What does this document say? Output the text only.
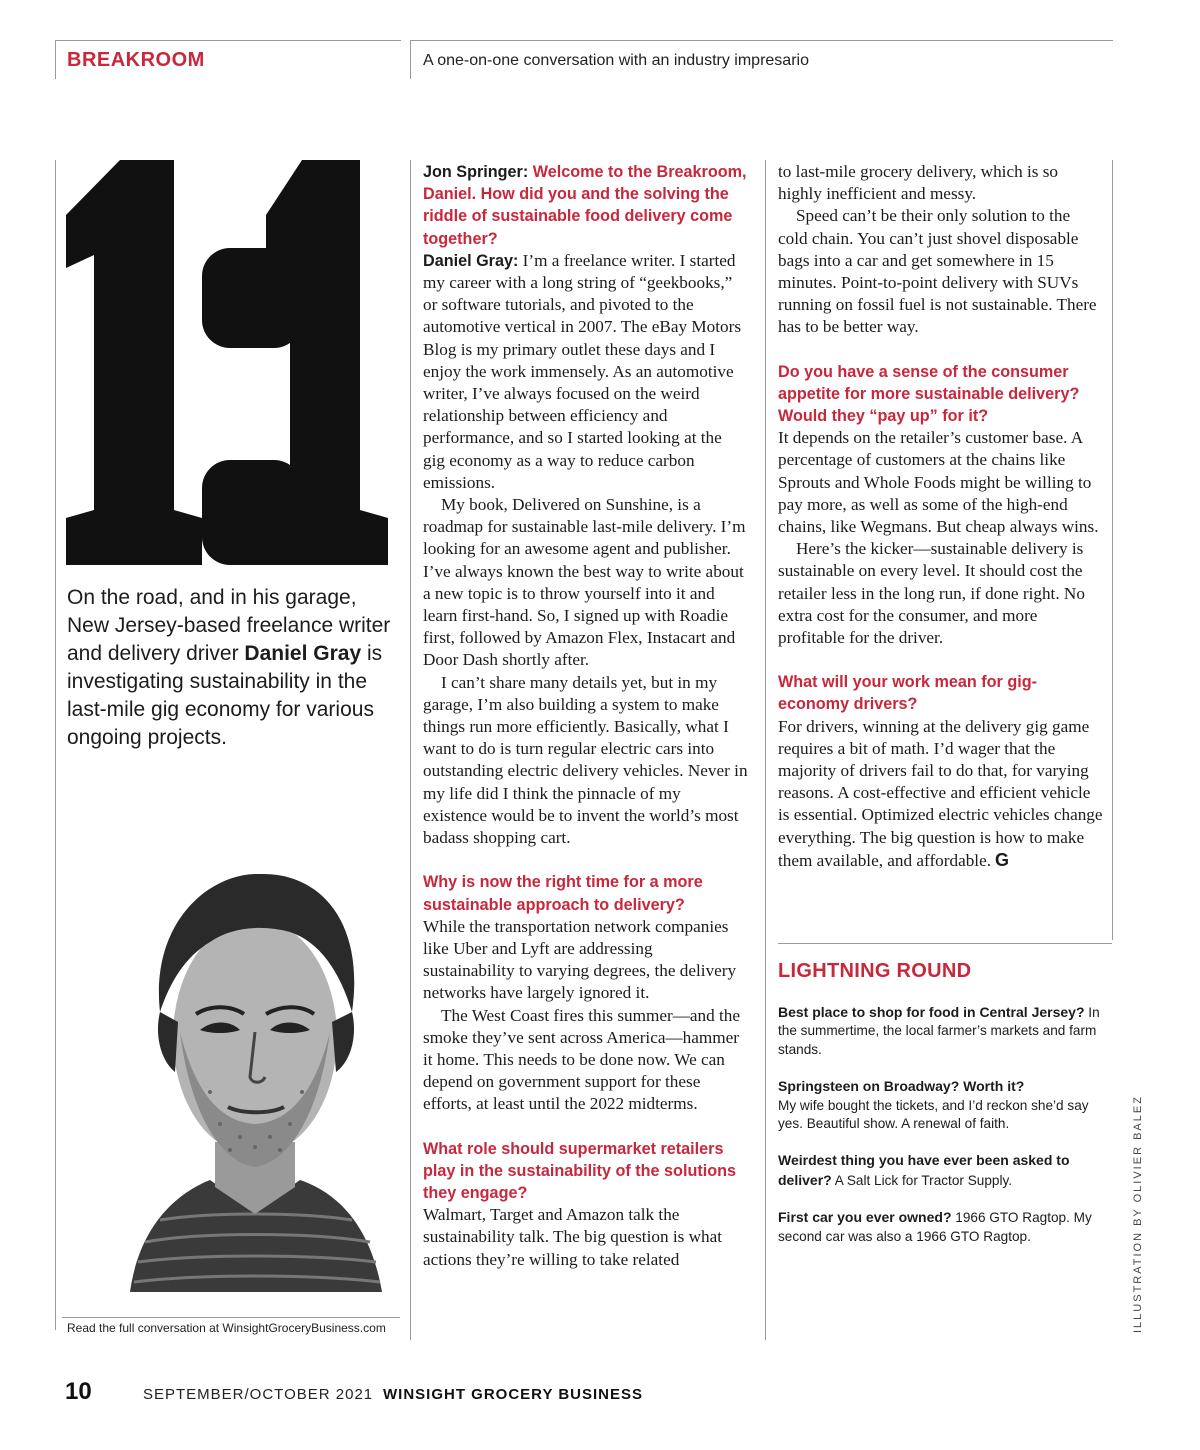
BREAKROOM	A one-on-one conversation with an industry impresario
On the road, and in his garage, New Jersey-based freelance writer and delivery driver Daniel Gray is investigating sustainability in the last-mile gig economy for various ongoing projects.
Read the full conversation at WinsightGroceryBusiness.com

Jon Springer: Welcome to the Breakroom, Daniel. How did you and the solving the riddle of sustainable food delivery come together?

Daniel Gray: I’m a freelance writer. I started my career with a long string of “geekbooks,” or software tutorials, and pivoted to the automotive vertical in 2007. The eBay Motors Blog is my primary outlet these days and I enjoy the work immensely. As an automotive writer, I’ve always focused on the weird relationship between efficiency and performance, and so I started looking at the gig economy as a way to reduce carbon emissions.

My book, Delivered on Sunshine, is a roadmap for sustainable last-mile delivery. I’m looking for an awesome agent and publisher. I’ve always known the best way to write about a new topic is to throw yourself into it and learn first-hand. So, I signed up with Roadie first, followed by Amazon Flex, Instacart and Door Dash shortly after.

I can’t share many details yet, but in my garage, I’m also building a system to make things run more efficiently. Basically, what I want to do is turn regular electric cars into outstanding electric delivery vehicles. Never in my life did I think the pinnacle of my existence would be to invent the world’s most badass shopping cart.

Why is now the right time for a more sustainable approach to delivery?

While the transportation network companies like Uber and Lyft are addressing sustainability to varying degrees, the delivery networks have largely ignored it.

The West Coast fires this summer—and the smoke they’ve sent across America—hammer it home. This needs to be done now. We can depend on government support for these efforts, at least until the 2022 midterms.

What role should supermarket retailers play in the sustainability of the solutions they engage?

Walmart, Target and Amazon talk the sustainability talk. The big question is what actions they’re willing to take related

to last-mile grocery delivery, which is so highly inefficient and messy.

Speed can’t be their only solution to the cold chain. You can’t just shovel disposable bags into a car and get somewhere in 15 minutes. Point-to-point delivery with SUVs running on fossil fuel is not sustainable. There has to be better way.

Do you have a sense of the consumer appetite for more sustainable delivery? Would they “pay up” for it?

It depends on the retailer’s customer base. A percentage of customers at the chains like Sprouts and Whole Foods might be willing to pay more, as well as some of the high-end chains, like Wegmans. But cheap always wins.

Here’s the kicker—sustainable delivery is sustainable on every level. It should cost the retailer less in the long run, if done right. No extra cost for the consumer, and more profitable for the driver.

What will your work mean for gig-economy drivers?

For drivers, winning at the delivery gig game requires a bit of math. I’d wager that the majority of drivers fail to do that, for varying reasons. A cost-effective and efficient vehicle is essential. Optimized electric vehicles change everything. The big question is how to make them available, and affordable. G

LIGHTNING ROUND
Best place to shop for food in Central Jersey? In the summertime, the local farmer’s markets and farm stands.
Springsteen on Broadway? Worth it?
My wife bought the tickets, and I’d reckon she’d say yes. Beautiful show. A renewal of faith.
Weirdest thing you have ever been asked to deliver? A Salt Lick for Tractor Supply.
First car you ever owned? 1966 GTO Ragtop. My second car was also a 1966 GTO Ragtop.	ILLUSTRATION BY OLIVIER BALEZ
10	SEPTEMBER/OCTOBER 2021 WINSIGHT GROCERY BUSINESS
